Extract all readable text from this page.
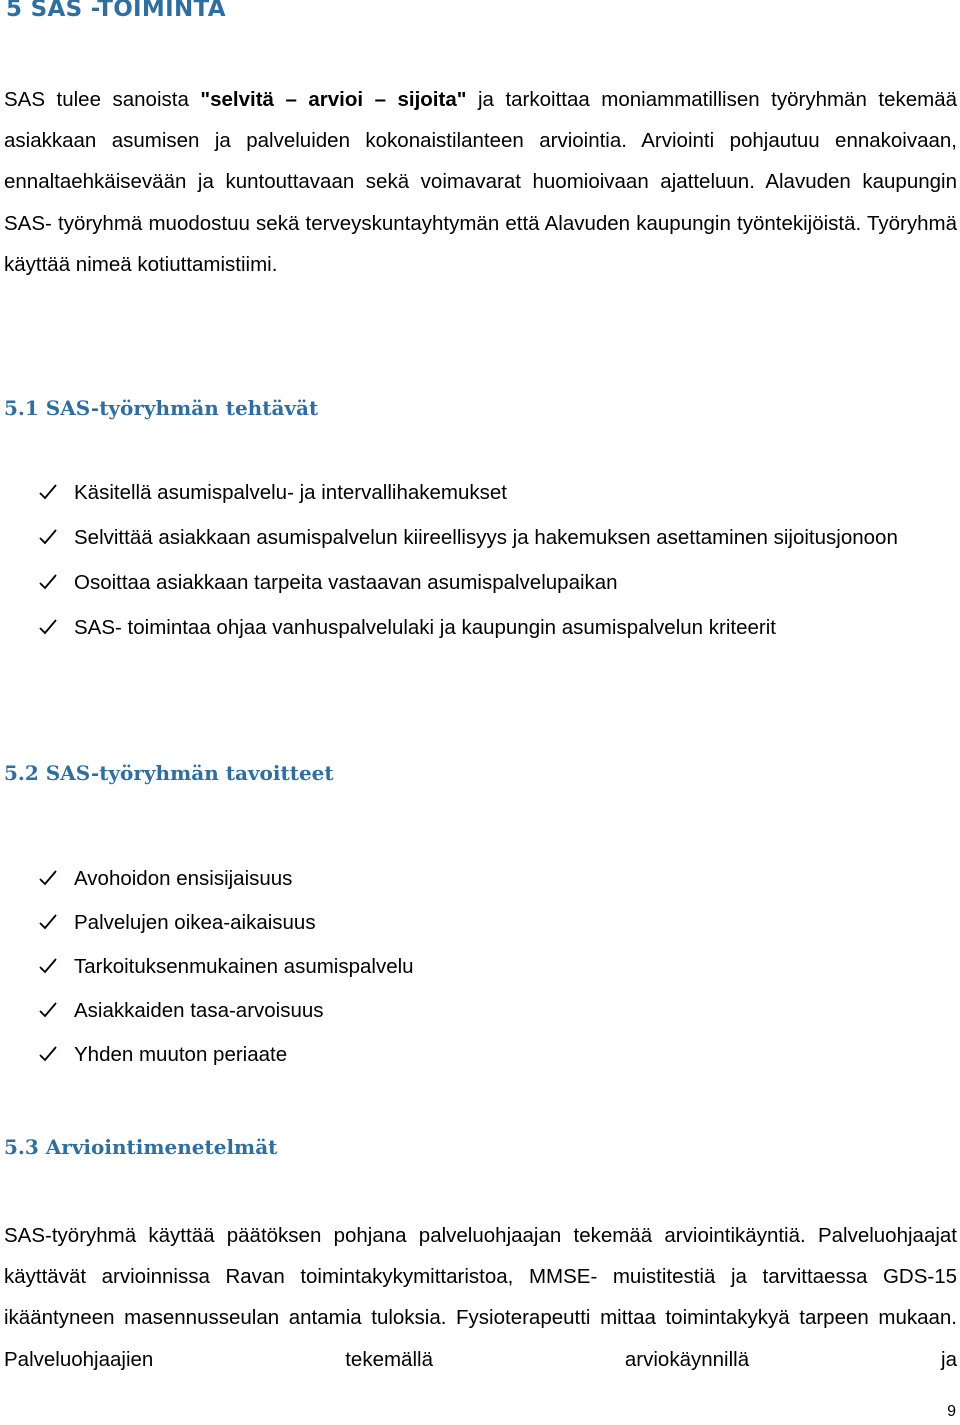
5 SAS -TOIMINTA

SAS tulee sanoista "selvitä – arvioi – sijoita" ja tarkoittaa moniammatillisen työryhmän tekemää asiakkaan asumisen ja palveluiden kokonaistilanteen arviointia. Arviointi pohjautuu ennakoivaan, ennaltaehkäisevään ja kuntouttavaan sekä voimavarat huomioivaan ajatteluun. Alavuden kaupungin SAS- työryhmä muodostuu sekä terveyskuntayhtymän että Alavuden kaupungin työntekijöistä. Työryhmä käyttää nimeä kotiuttamistiimi.

5.1 SAS-työryhmän tehtävät
Käsitellä asumispalvelu- ja intervallihakemukset
Selvittää asiakkaan asumispalvelun kiireellisyys ja hakemuksen asettaminen sijoitusjonoon
Osoittaa asiakkaan tarpeita vastaavan asumispalvelupaikan
SAS- toimintaa ohjaa vanhuspalvelulaki ja kaupungin asumispalvelun kriteerit
5.2 SAS-työryhmän tavoitteet
Avohoidon ensisijaisuus
Palvelujen oikea-aikaisuus
Tarkoituksenmukainen asumispalvelu
Asiakkaiden tasa-arvoisuus
Yhden muuton periaate
5.3 Arviointimenetelmät

SAS-työryhmä käyttää päätöksen pohjana palveluohjaajan tekemää arviointikäyntiä. Palveluohjaajat käyttävät arvioinnissa Ravan toimintakykymittaristoa, MMSE- muistitestiä ja tarvittaessa GDS-15 ikääntyneen masennusseulan antamia tuloksia. Fysioterapeutti mittaa toimintakykyä tarpeen mukaan. Palveluohjaajien tekemällä arviokäynnillä ja

9
